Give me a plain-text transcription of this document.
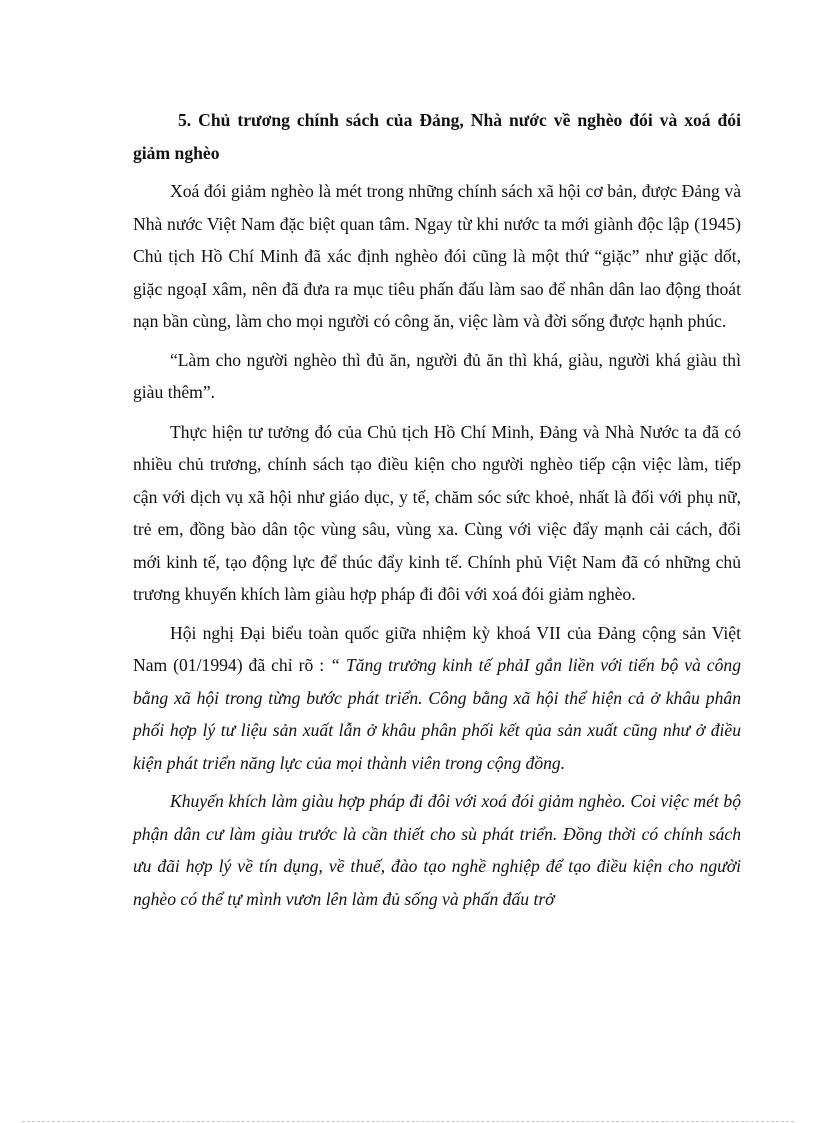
5. Chủ trương chính sách của Đảng, Nhà nước về nghèo đói và xoá đói giảm nghèo

Xoá đói giảm nghèo là mét trong những chính sách xã hội cơ bản, được Đảng và Nhà nước Việt Nam đặc biệt quan tâm. Ngay từ khi nước ta mới giành độc lập (1945) Chủ tịch Hồ Chí Minh đã xác định nghèo đói cũng là một thứ “giặc” như giặc dốt, giặc ngoạI xâm, nên đã đưa ra mục tiêu phấn đấu làm sao để nhân dân lao động thoát nạn bần cùng, làm cho mọi người có công ăn, việc làm và đời sống được hạnh phúc.

“Làm cho người nghèo thì đủ ăn, người đủ ăn thì khá, giàu, người khá giàu thì giàu thêm”.

Thực hiện tư tưởng đó của Chủ tịch Hồ Chí Minh, Đảng và Nhà Nước ta đã có nhiều chủ trương, chính sách tạo điều kiện cho người nghèo tiếp cận việc làm, tiếp cận với dịch vụ xã hội như giáo dục, y tế, chăm sóc sức khoẻ, nhất là đối với phụ nữ, trẻ em, đồng bào dân tộc vùng sâu, vùng xa. Cùng với việc đẩy mạnh cải cách, đổi mới kinh tế, tạo động lực để thúc đẩy kinh tế. Chính phủ Việt Nam đã có những chủ trương khuyến khích làm giàu hợp pháp đi đôi với xoá đói giảm nghèo.

Hội nghị Đại biểu toàn quốc giữa nhiệm kỳ khoá VII của Đảng cộng sản Việt Nam (01/1994) đã chỉ rõ : “ Tăng trưởng kinh tế phảI gắn liền với tiến bộ và công bằng xã hội trong từng bước phát triển. Công bằng xã hội thể hiện cả ở khâu phân phối hợp lý tư liệu sản xuất lẫn ở khâu phân phối kết qủa sản xuất cũng như ở điều kiện phát triển năng lực của mọi thành viên trong cộng đồng.

Khuyến khích làm giàu hợp pháp đi đôi với xoá đói giảm nghèo. Coi việc mét bộ phận dân cư làm giàu trước là cần thiết cho sù phát triển. Đồng thời có chính sách ưu đãi hợp lý về tín dụng, về thuế, đào tạo nghề nghiệp để tạo điều kiện cho người nghèo có thể tự mình vươn lên làm đủ sống và phấn đấu trở
